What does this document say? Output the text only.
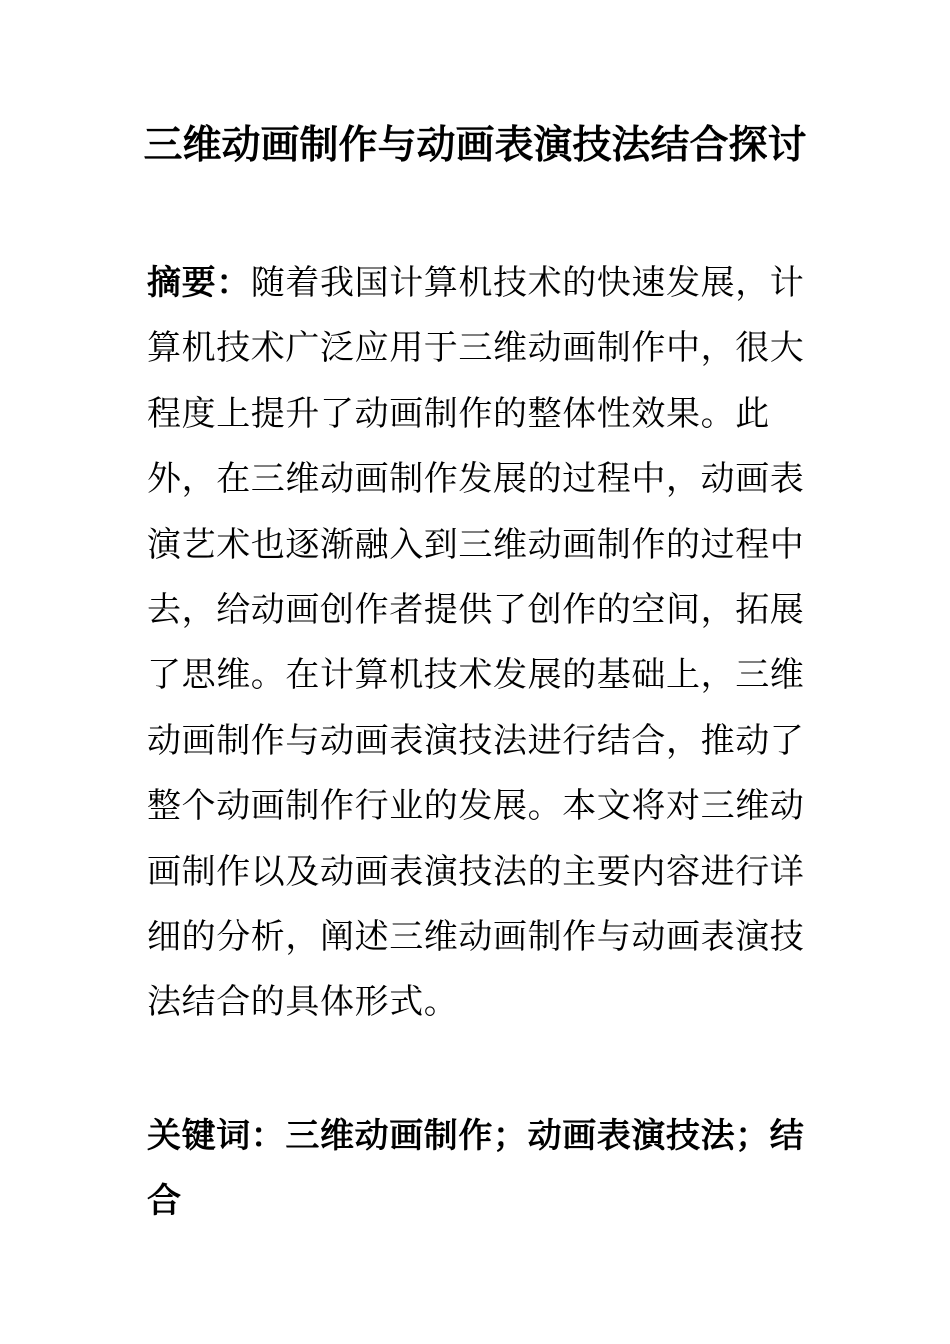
三维动画制作与动画表演技法结合探讨

摘要：随着我国计算机技术的快速发展，计算机技术广泛应用于三维动画制作中，很大程度上提升了动画制作的整体性效果。此外，在三维动画制作发展的过程中，动画表演艺术也逐渐融入到三维动画制作的过程中去，给动画创作者提供了创作的空间，拓展了思维。在计算机技术发展的基础上，三维动画制作与动画表演技法进行结合，推动了整个动画制作行业的发展。本文将对三维动画制作以及动画表演技法的主要内容进行详细的分析，阐述三维动画制作与动画表演技法结合的具体形式。

关键词：三维动画制作；动画表演技法；结合
